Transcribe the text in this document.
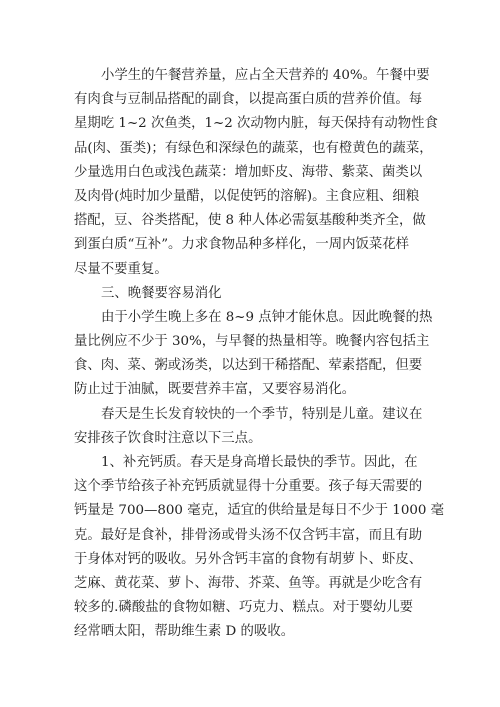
小学生的午餐营养量，应占全天营养的 40%。午餐中要
有肉食与豆制品搭配的副食，以提高蛋白质的营养价值。每
星期吃 1~2 次鱼类，1~2 次动物内脏，每天保持有动物性食
品(肉、蛋类)；有绿色和深绿色的蔬菜，也有橙黄色的蔬菜，
少量选用白色或浅色蔬菜：增加虾皮、海带、紫菜、菌类以
及肉骨(炖时加少量醋，以促使钙的溶解)。主食应粗、细粮
搭配，豆、谷类搭配，使 8 种人体必需氨基酸种类齐全，做
到蛋白质“互补”。力求食物品种多样化，一周内饭菜花样
尽量不要重复。
三、晚餐要容易消化
由于小学生晚上多在 8~9 点钟才能休息。因此晚餐的热
量比例应不少于 30%，与早餐的热量相等。晚餐内容包括主
食、肉、菜、粥或汤类，以达到干稀搭配、荤素搭配，但要
防止过于油腻，既要营养丰富，又要容易消化。
春天是生长发育较快的一个季节，特别是儿童。建议在
安排孩子饮食时注意以下三点。
1、补充钙质。春天是身高增长最快的季节。因此，在
这个季节给孩子补充钙质就显得十分重要。孩子每天需要的
钙量是 700—800 毫克，适宜的供给量是每日不少于 1000 毫
克。最好是食补，排骨汤或骨头汤不仅含钙丰富，而且有助
于身体对钙的吸收。另外含钙丰富的食物有胡萝卜、虾皮、
芝麻、黄花菜、萝卜、海带、芥菜、鱼等。再就是少吃含有
较多的.磷酸盐的食物如糖、巧克力、糕点。对于婴幼儿要
经常晒太阳，帮助维生素 D 的吸收。
